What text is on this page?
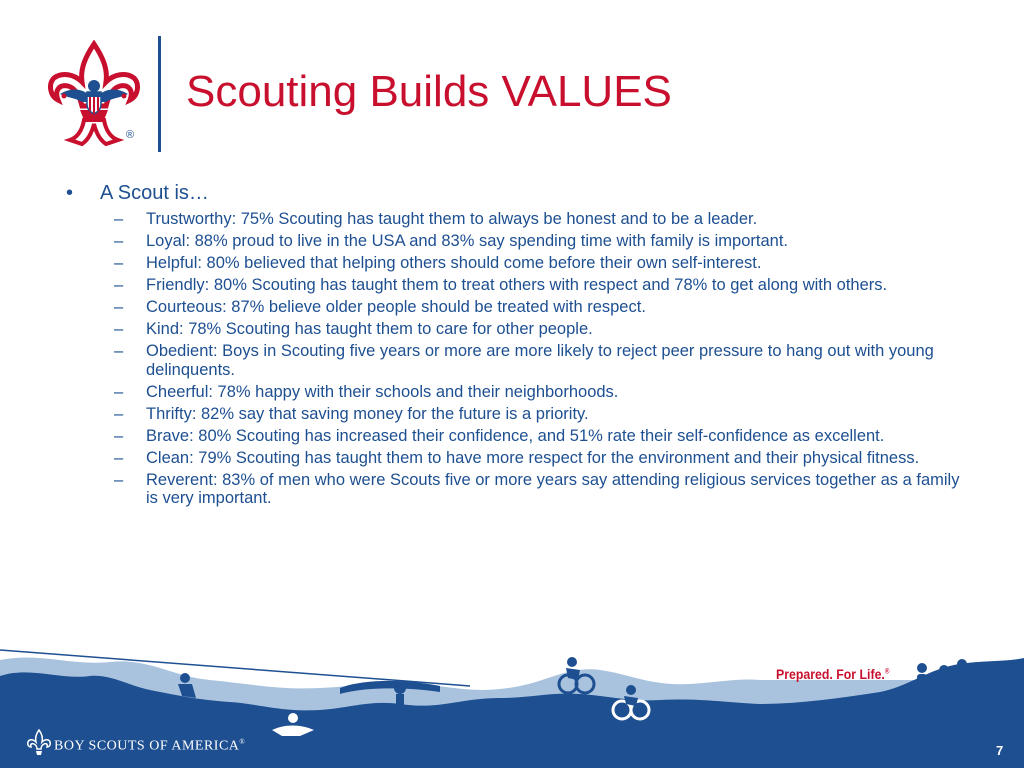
®
Scouting Builds VALUES
• A Scout is…
– Trustworthy: 75% Scouting has taught them to always be honest and to be a leader.
– Loyal: 88% proud to live in the USA and 83% say spending time with family is important.
– Helpful: 80% believed that helping others should come before their own self-interest.
– Friendly: 80% Scouting has taught them to treat others with respect and 78% to get along with others.
– Courteous: 87% believe older people should be treated with respect.
– Kind: 78% Scouting has taught them to care for other people.
– Obedient: Boys in Scouting five years or more are more likely to reject peer pressure to hang out with young delinquents.
– Cheerful: 78% happy with their schools and their neighborhoods.
– Thrifty: 82% say that saving money for the future is a priority.
– Brave: 80% Scouting has increased their confidence, and 51% rate their self-confidence as excellent.
– Clean: 79% Scouting has taught them to have more respect for the environment and their physical fitness.
– Reverent: 83% of men who were Scouts five or more years say attending religious services together as a family is very important.
Prepared. For Life.®
BOY SCOUTS OF AMERICA®
7
